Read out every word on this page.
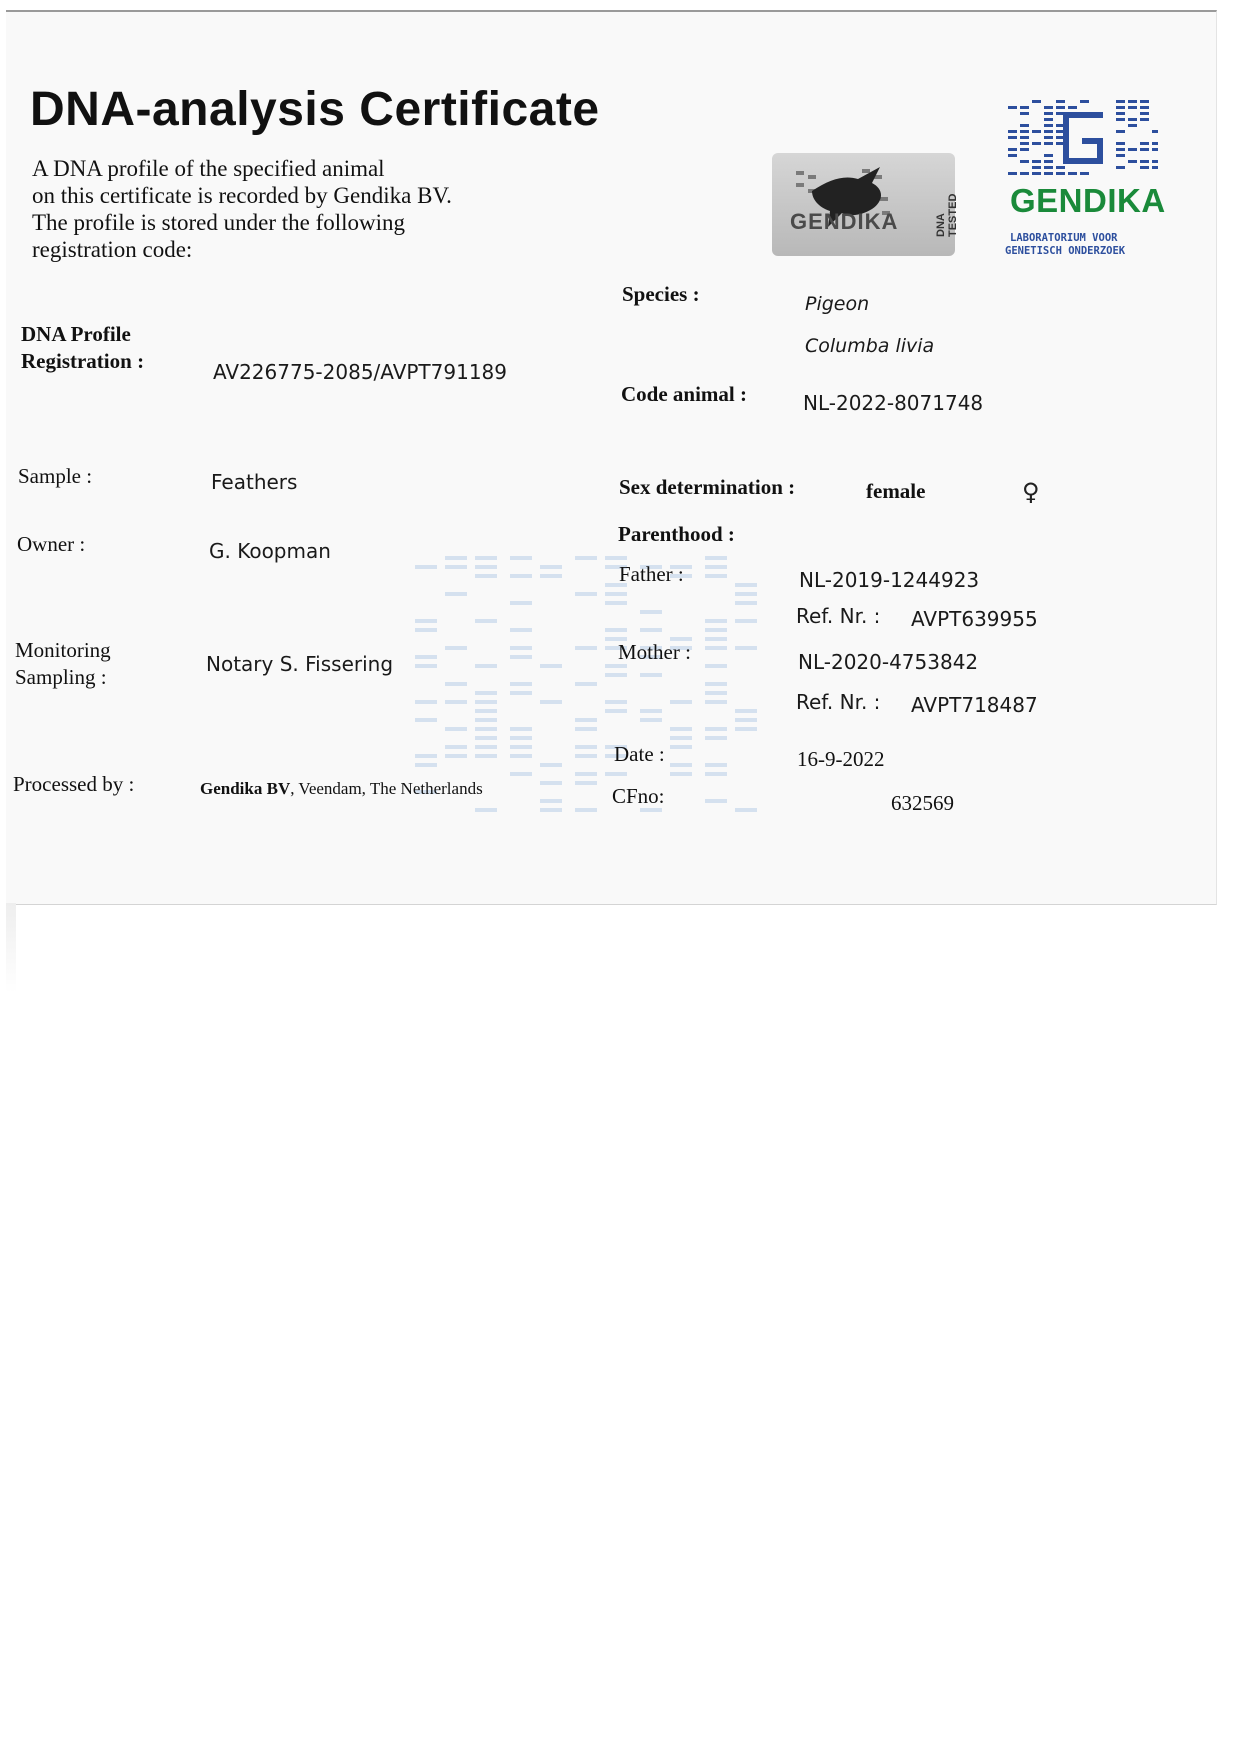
DNA-analysis Certificate
A DNA profile of the specified animal
on this certificate is recorded by Gendika BV.
The profile is stored under the following
registration code:
GENDIKA	DNA TESTED GENDIKA
LABORATORIUM VOOR
GENETISCH ONDERZOEK
DNA Profile
Registration :	AV226775-2085/AVPT791189
Sample :	Feathers
Owner :	G. Koopman
Monitoring
Sampling :
Notary S. Fissering
Processed by :	Gendika BV, Veendam, The Netherlands
Species :	Pigeon
Columba livia
Code animal :	NL-2022-8071748
Sex determination :	female	♀
Parenthood :
Father :	NL-2019-1244923
Ref. Nr. : AVPT639955
Mother :	NL-2020-4753842
Ref. Nr. : AVPT718487
Date :	16-9-2022
CFno:	632569
